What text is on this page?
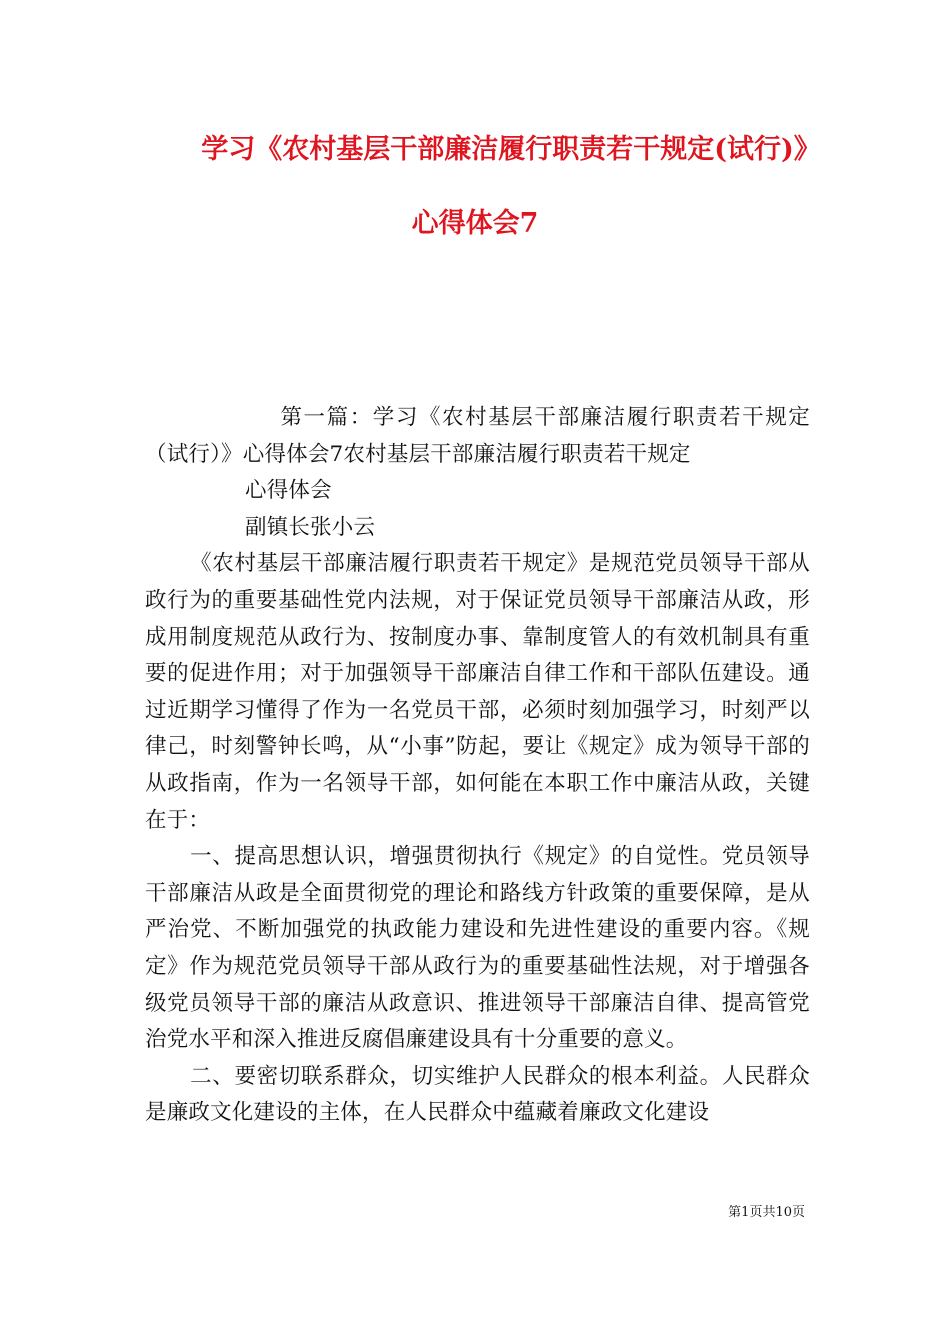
学习《农村基层干部廉洁履行职责若干规定(试行)》
心得体会7

第一篇：学习《农村基层干部廉洁履行职责若干规定（试行）》心得体会7农村基层干部廉洁履行职责若干规定

心得体会

副镇长张小云

《农村基层干部廉洁履行职责若干规定》是规范党员领导干部从政行为的重要基础性党内法规，对于保证党员领导干部廉洁从政，形成用制度规范从政行为、按制度办事、靠制度管人的有效机制具有重要的促进作用；对于加强领导干部廉洁自律工作和干部队伍建设。通过近期学习懂得了作为一名党员干部，必须时刻加强学习，时刻严以律己，时刻警钟长鸣，从“小事”防起，要让《规定》成为领导干部的从政指南，作为一名领导干部，如何能在本职工作中廉洁从政，关键在于：

一、提高思想认识，增强贯彻执行《规定》的自觉性。党员领导干部廉洁从政是全面贯彻党的理论和路线方针政策的重要保障，是从严治党、不断加强党的执政能力建设和先进性建设的重要内容。《规定》作为规范党员领导干部从政行为的重要基础性法规，对于增强各级党员领导干部的廉洁从政意识、推进领导干部廉洁自律、提高管党治党水平和深入推进反腐倡廉建设具有十分重要的意义。

二、要密切联系群众，切实维护人民群众的根本利益。人民群众是廉政文化建设的主体，在人民群众中蕴藏着廉政文化建设

第1页共10页
